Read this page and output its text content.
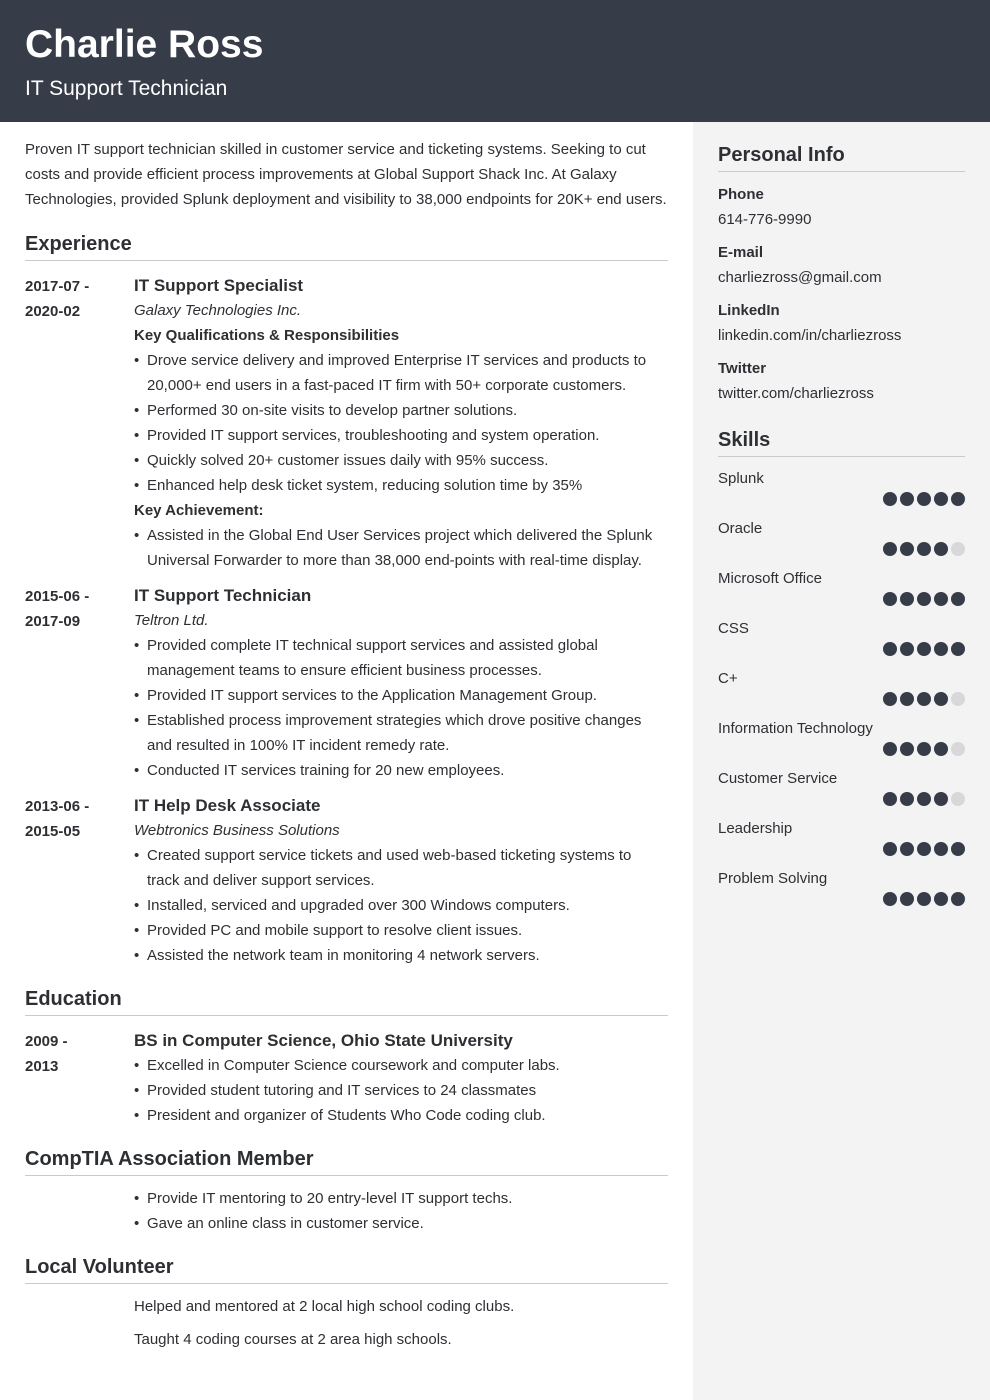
Charlie Ross
IT Support Technician

Proven IT support technician skilled in customer service and ticketing systems. Seeking to cut costs and provide efficient process improvements at Global Support Shack Inc. At Galaxy Technologies, provided Splunk deployment and visibility to 38,000 endpoints for 20K+ end users.

Experience
2017-07 -
2020-02
IT Support Specialist
Galaxy Technologies Inc.
Key Qualifications & Responsibilities
• Drove service delivery and improved Enterprise IT services and products to 20,000+ end users in a fast-paced IT firm with 50+ corporate customers.
• Performed 30 on-site visits to develop partner solutions.
• Provided IT support services, troubleshooting and system operation.
• Quickly solved 20+ customer issues daily with 95% success.
• Enhanced help desk ticket system, reducing solution time by 35%
Key Achievement:
• Assisted in the Global End User Services project which delivered the Splunk Universal Forwarder to more than 38,000 end-points with real-time display.
2015-06 -
2017-09
IT Support Technician
Teltron Ltd.
• Provided complete IT technical support services and assisted global management teams to ensure efficient business processes.
• Provided IT support services to the Application Management Group.
• Established process improvement strategies which drove positive changes and resulted in 100% IT incident remedy rate.
• Conducted IT services training for 20 new employees.
2013-06 -
2015-05
IT Help Desk Associate
Webtronics Business Solutions
• Created support service tickets and used web-based ticketing systems to track and deliver support services.
• Installed, serviced and upgraded over 300 Windows computers.
• Provided PC and mobile support to resolve client issues.
• Assisted the network team in monitoring 4 network servers.
Education
2009 -
2013
BS in Computer Science, Ohio State University
• Excelled in Computer Science coursework and computer labs.
• Provided student tutoring and IT services to 24 classmates
• President and organizer of Students Who Code coding club.
CompTIA Association Member
• Provide IT mentoring to 20 entry-level IT support techs.
• Gave an online class in customer service.
Local Volunteer

Helped and mentored at 2 local high school coding clubs.

Taught 4 coding courses at 2 area high schools.

Personal Info
Phone
614-776-9990
E-mail
charliezross@gmail.com
LinkedIn
linkedin.com/in/charliezross
Twitter
twitter.com/charliezross
Skills
Splunk
Oracle
Microsoft Office
CSS
C+
Information Technology
Customer Service
Leadership
Problem Solving
